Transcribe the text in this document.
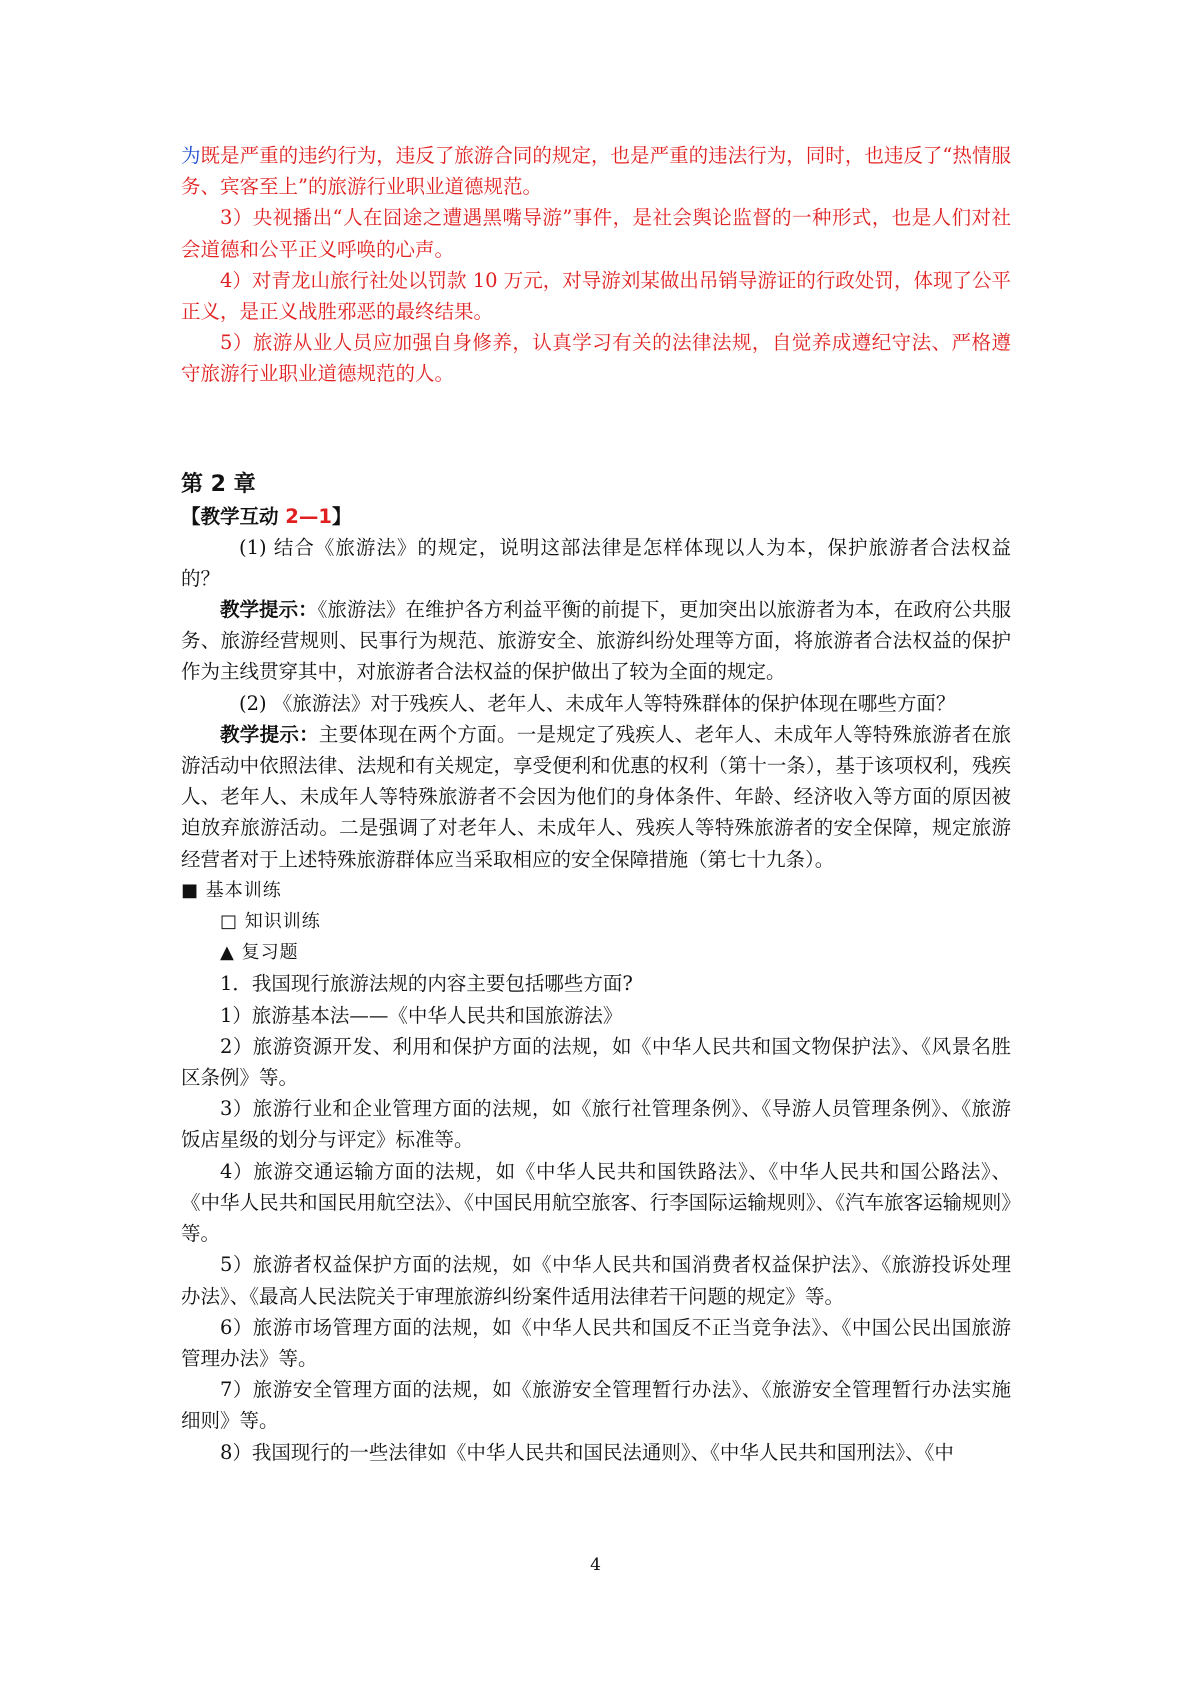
为既是严重的违约行为，违反了旅游合同的规定，也是严重的违法行为，同时，也违反了“热情服务、宾客至上”的旅游行业职业道德规范。

3）央视播出“人在囧途之遭遇黑嘴导游”事件，是社会舆论监督的一种形式，也是人们对社会道德和公平正义呼唤的心声。

4）对青龙山旅行社处以罚款 10 万元，对导游刘某做出吊销导游证的行政处罚，体现了公平正义，是正义战胜邪恶的最终结果。

5）旅游从业人员应加强自身修养，认真学习有关的法律法规，自觉养成遵纪守法、严格遵守旅游行业职业道德规范的人。

第 2 章
【教学互动 2—1】

(1) 结合《旅游法》的规定，说明这部法律是怎样体现以人为本，保护旅游者合法权益的？

教学提示：《旅游法》在维护各方利益平衡的前提下，更加突出以旅游者为本，在政府公共服务、旅游经营规则、民事行为规范、旅游安全、旅游纠纷处理等方面，将旅游者合法权益的保护作为主线贯穿其中，对旅游者合法权益的保护做出了较为全面的规定。

(2) 《旅游法》对于残疾人、老年人、未成年人等特殊群体的保护体现在哪些方面？

教学提示：主要体现在两个方面。一是规定了残疾人、老年人、未成年人等特殊旅游者在旅游活动中依照法律、法规和有关规定，享受便利和优惠的权利（第十一条），基于该项权利，残疾人、老年人、未成年人等特殊旅游者不会因为他们的身体条件、年龄、经济收入等方面的原因被迫放弃旅游活动。二是强调了对老年人、未成年人、残疾人等特殊旅游者的安全保障，规定旅游经营者对于上述特殊旅游群体应当采取相应的安全保障措施（第七十九条）。

■ 基本训练

□ 知识训练

▲ 复习题

1．我国现行旅游法规的内容主要包括哪些方面?

1）旅游基本法——《中华人民共和国旅游法》

2）旅游资源开发、利用和保护方面的法规，如《中华人民共和国文物保护法》、《风景名胜区条例》等。

3）旅游行业和企业管理方面的法规，如《旅行社管理条例》、《导游人员管理条例》、《旅游饭店星级的划分与评定》标准等。

4）旅游交通运输方面的法规，如《中华人民共和国铁路法》、《中华人民共和国公路法》、《中华人民共和国民用航空法》、《中国民用航空旅客、行李国际运输规则》、《汽车旅客运输规则》等。

5）旅游者权益保护方面的法规，如《中华人民共和国消费者权益保护法》、《旅游投诉处理办法》、《最高人民法院关于审理旅游纠纷案件适用法律若干问题的规定》等。

6）旅游市场管理方面的法规，如《中华人民共和国反不正当竞争法》、《中国公民出国旅游管理办法》等。

7）旅游安全管理方面的法规，如《旅游安全管理暂行办法》、《旅游安全管理暂行办法实施细则》等。

8）我国现行的一些法律如《中华人民共和国民法通则》、《中华人民共和国刑法》、《中

4
